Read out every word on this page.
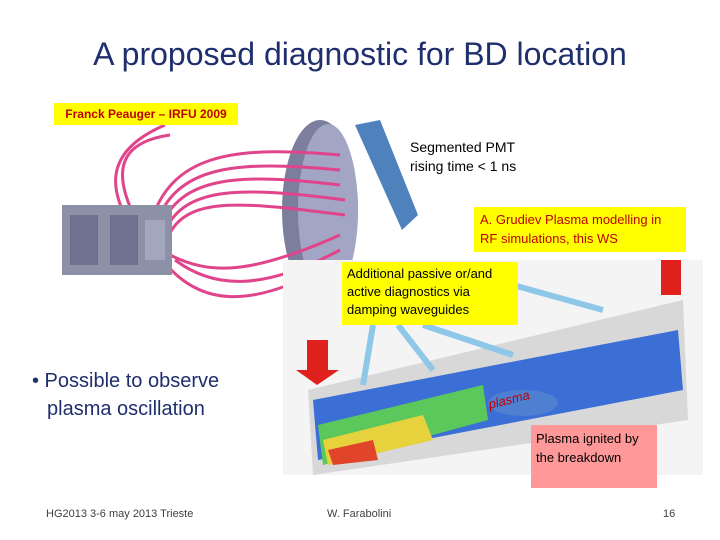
A proposed diagnostic for BD location
Franck Peauger – IRFU 2009
Segmented PMT
rising time < 1 ns
A. Grudiev Plasma modelling in RF simulations, this WS
Additional passive or/and active diagnostics via damping waveguides
plasma
• Possible to observe
plasma oscillation
Plasma ignited by the breakdown
HG2013 3-6 may 2013 Trieste	W. Farabolini	16
